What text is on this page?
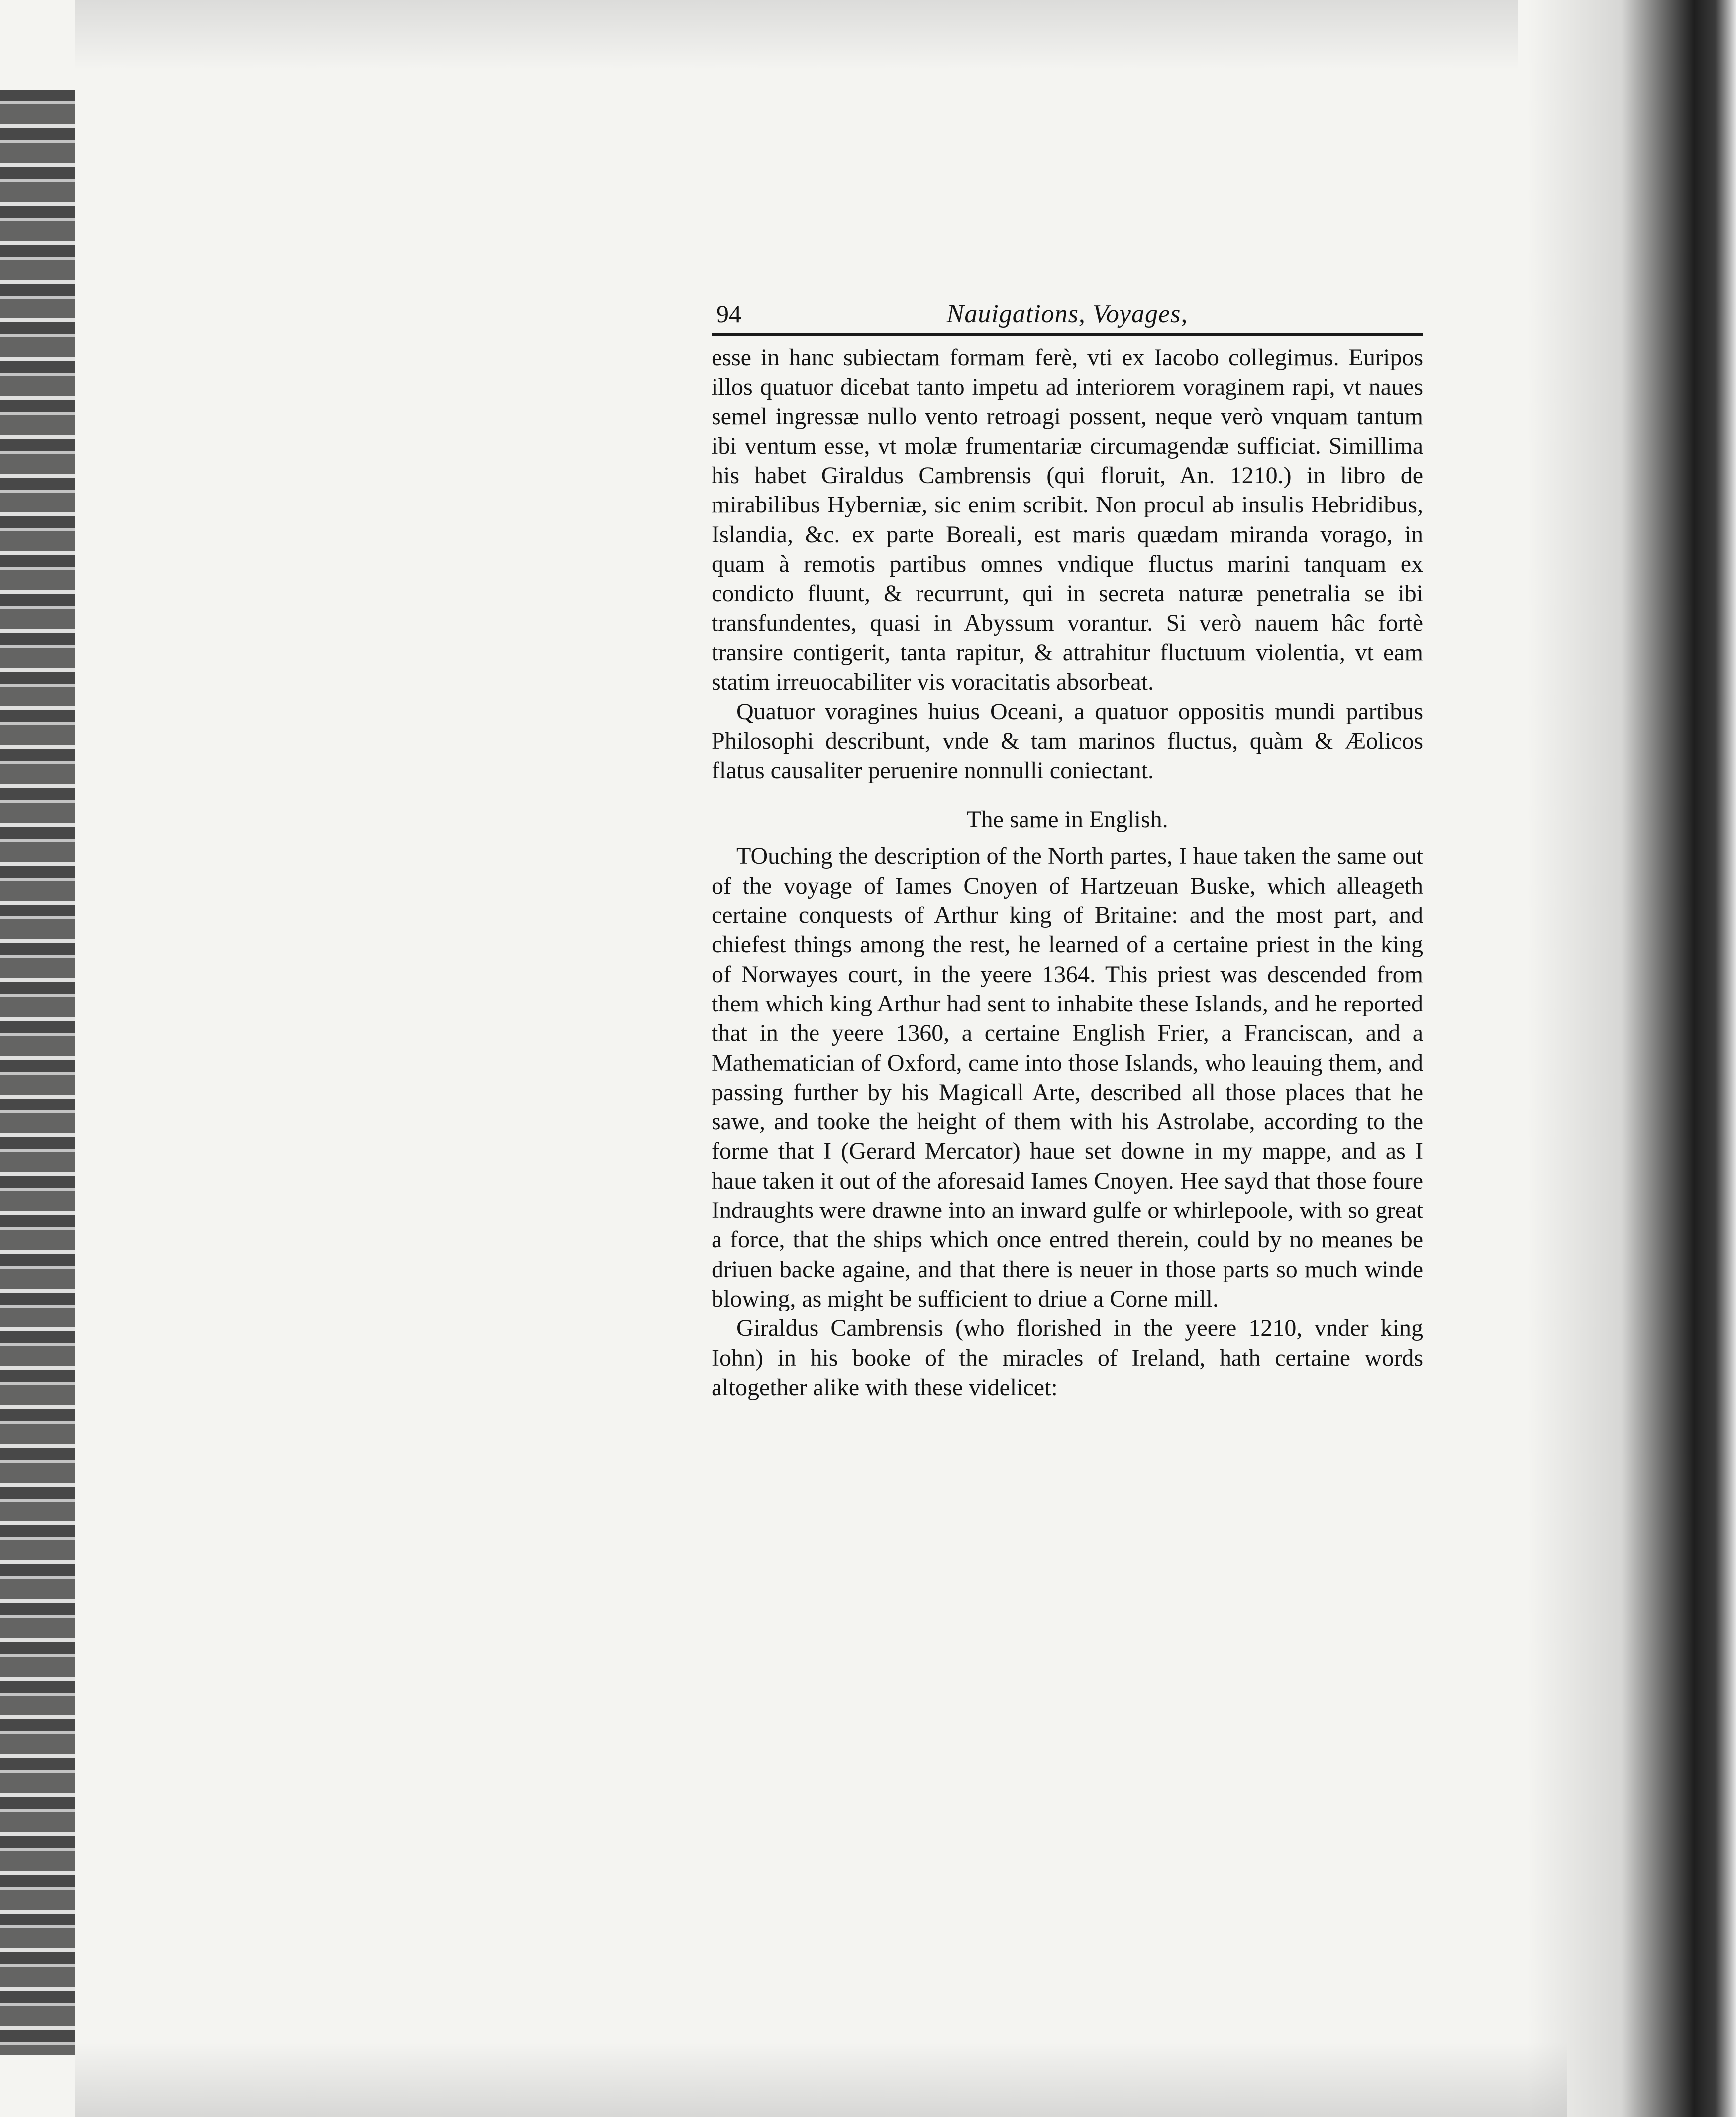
94	Nauigations, Voyages,

esse in hanc subiectam formam ferè, vti ex Iacobo collegimus. Euripos illos quatuor dicebat tanto impetu ad interiorem voraginem rapi, vt naues semel ingressæ nullo vento retroagi possent, neque verò vnquam tantum ibi ventum esse, vt molæ frumentariæ circumagendæ sufficiat. Simillima his habet Giraldus Cambrensis (qui floruit, An. 1210.) in libro de mirabilibus Hyberniæ, sic enim scribit. Non procul ab insulis Hebridibus, Islandia, &c. ex parte Boreali, est maris quædam miranda vorago, in quam à remotis partibus omnes vndique fluctus marini tanquam ex condicto fluunt, & recurrunt, qui in secreta naturæ penetralia se ibi transfundentes, quasi in Abyssum vorantur. Si verò nauem hâc fortè transire contigerit, tanta rapitur, & attrahitur fluctuum violentia, vt eam statim irreuocabiliter vis voracitatis absorbeat.

Quatuor voragines huius Oceani, a quatuor oppositis mundi partibus Philosophi describunt, vnde & tam marinos fluctus, quàm & Æolicos flatus causaliter peruenire nonnulli coniectant.

The same in English.

TOuching the description of the North partes, I haue taken the same out of the voyage of Iames Cnoyen of Hartzeuan Buske, which alleageth certaine conquests of Arthur king of Britaine: and the most part, and chiefest things among the rest, he learned of a certaine priest in the king of Norwayes court, in the yeere 1364. This priest was descended from them which king Arthur had sent to inhabite these Islands, and he reported that in the yeere 1360, a certaine English Frier, a Franciscan, and a Mathematician of Oxford, came into those Islands, who leauing them, and passing further by his Magicall Arte, described all those places that he sawe, and tooke the height of them with his Astrolabe, according to the forme that I (Gerard Mercator) haue set downe in my mappe, and as I haue taken it out of the aforesaid Iames Cnoyen. Hee sayd that those foure Indraughts were drawne into an inward gulfe or whirlepoole, with so great a force, that the ships which once entred therein, could by no meanes be driuen backe againe, and that there is neuer in those parts so much winde blowing, as might be sufficient to driue a Corne mill.

Giraldus Cambrensis (who florished in the yeere 1210, vnder king Iohn) in his booke of the miracles of Ireland, hath certaine words altogether alike with these videlicet:
